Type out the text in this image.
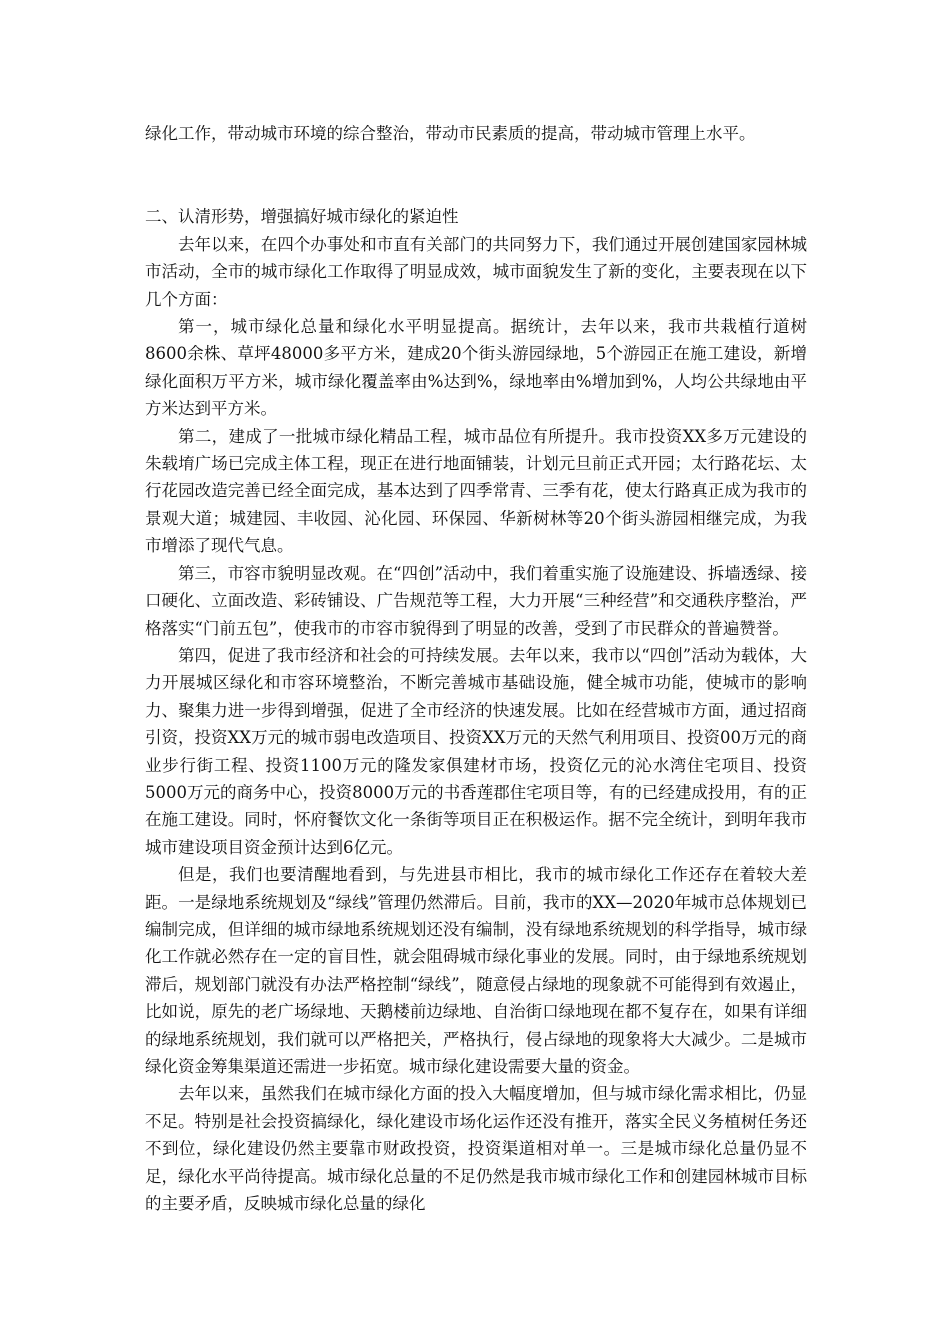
绿化工作，带动城市环境的综合整治，带动市民素质的提高，带动城市管理上水平。

二、认清形势，增强搞好城市绿化的紧迫性

去年以来，在四个办事处和市直有关部门的共同努力下，我们通过开展创建国家园林城市活动，全市的城市绿化工作取得了明显成效，城市面貌发生了新的变化，主要表现在以下几个方面：

第一，城市绿化总量和绿化水平明显提高。据统计，去年以来，我市共栽植行道树8600余株、草坪48000多平方米，建成20个街头游园绿地，5个游园正在施工建设，新增绿化面积万平方米，城市绿化覆盖率由%达到%，绿地率由%增加到%，人均公共绿地由平方米达到平方米。

第二，建成了一批城市绿化精品工程，城市品位有所提升。我市投资XX多万元建设的朱载堉广场已完成主体工程，现正在进行地面铺装，计划元旦前正式开园；太行路花坛、太行花园改造完善已经全面完成，基本达到了四季常青、三季有花，使太行路真正成为我市的景观大道；城建园、丰收园、沁化园、环保园、华新树林等20个街头游园相继完成，为我市增添了现代气息。

第三，市容市貌明显改观。在“四创”活动中，我们着重实施了设施建设、拆墙透绿、接口硬化、立面改造、彩砖铺设、广告规范等工程，大力开展“三种经营”和交通秩序整治，严格落实“门前五包”，使我市的市容市貌得到了明显的改善，受到了市民群众的普遍赞誉。

第四，促进了我市经济和社会的可持续发展。去年以来，我市以“四创”活动为载体，大力开展城区绿化和市容环境整治，不断完善城市基础设施，健全城市功能，使城市的影响力、聚集力进一步得到增强，促进了全市经济的快速发展。比如在经营城市方面，通过招商引资，投资XX万元的城市弱电改造项目、投资XX万元的天然气利用项目、投资00万元的商业步行街工程、投资1100万元的隆发家俱建材市场，投资亿元的沁水湾住宅项目、投资5000万元的商务中心，投资8000万元的书香莲郡住宅项目等，有的已经建成投用，有的正在施工建设。同时，怀府餐饮文化一条街等项目正在积极运作。据不完全统计，到明年我市城市建设项目资金预计达到6亿元。

但是，我们也要清醒地看到，与先进县市相比，我市的城市绿化工作还存在着较大差距。一是绿地系统规划及“绿线”管理仍然滞后。目前，我市的XX—2020年城市总体规划已编制完成，但详细的城市绿地系统规划还没有编制，没有绿地系统规划的科学指导，城市绿化工作就必然存在一定的盲目性，就会阻碍城市绿化事业的发展。同时，由于绿地系统规划滞后，规划部门就没有办法严格控制“绿线”，随意侵占绿地的现象就不可能得到有效遏止，比如说，原先的老广场绿地、天鹅楼前边绿地、自治街口绿地现在都不复存在，如果有详细的绿地系统规划，我们就可以严格把关，严格执行，侵占绿地的现象将大大减少。二是城市绿化资金筹集渠道还需进一步拓宽。城市绿化建设需要大量的资金。

去年以来，虽然我们在城市绿化方面的投入大幅度增加，但与城市绿化需求相比，仍显不足。特别是社会投资搞绿化，绿化建设市场化运作还没有推开，落实全民义务植树任务还不到位，绿化建设仍然主要靠市财政投资，投资渠道相对单一。三是城市绿化总量仍显不足，绿化水平尚待提高。城市绿化总量的不足仍然是我市城市绿化工作和创建园林城市目标的主要矛盾，反映城市绿化总量的绿化
